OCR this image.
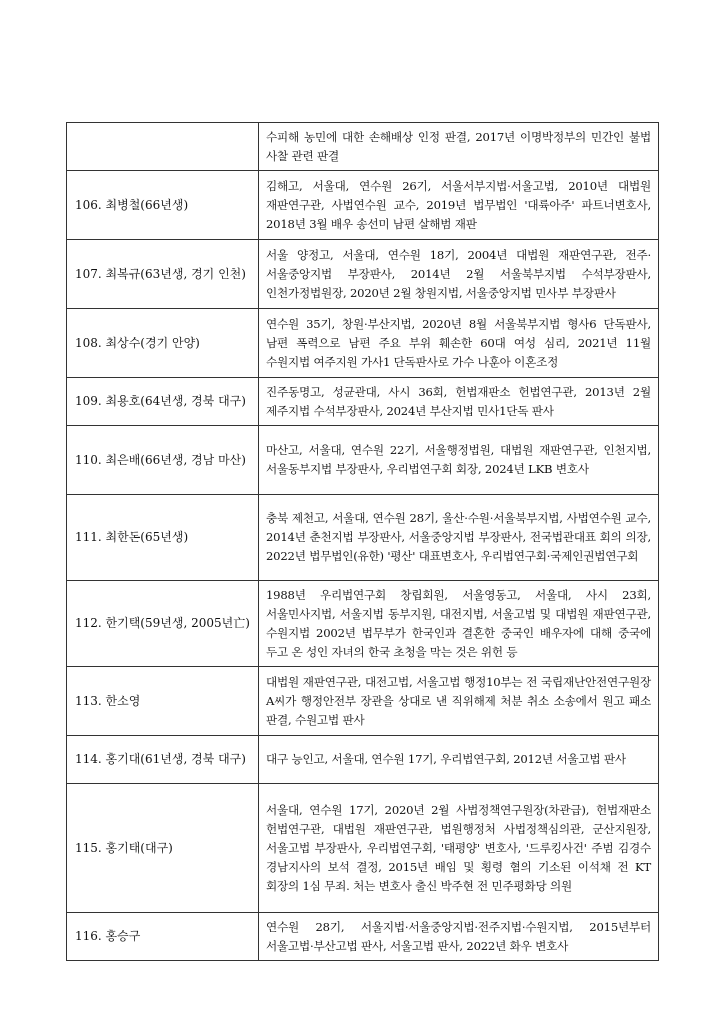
	수피해 농민에 대한 손해배상 인정 판결, 2017년 이명박정부의 민간인 불법 사찰 관련 판결
106. 최병철(66년생)	김해고, 서울대, 연수원 26기, 서울서부지법·서울고법, 2010년 대법원 재판연구관, 사법연수원 교수, 2019년 법무법인 '대륙아주' 파트너변호사, 2018년 3월 배우 송선미 남편 살해범 재판
107. 최복규(63년생, 경기 인천)	서울 양정고, 서울대, 연수원 18기, 2004년 대법원 재판연구관, 전주·서울중앙지법 부장판사, 2014년 2월 서울북부지법 수석부장판사, 인천가정법원장, 2020년 2월 창원지법, 서울중앙지법 민사부 부장판사
108. 최상수(경기 안양)	연수원 35기, 창원·부산지법, 2020년 8월 서울북부지법 형사6 단독판사, 남편 폭력으로 남편 주요 부위 훼손한 60대 여성 심리, 2021년 11월 수원지법 여주지원 가사1 단독판사로 가수 나훈아 이혼조정
109. 최용호(64년생, 경북 대구)	진주동명고, 성균관대, 사시 36회, 헌법재판소 헌법연구관, 2013년 2월 제주지법 수석부장판사, 2024년 부산지법 민사1단독 판사
110. 최은배(66년생, 경남 마산)	마산고, 서울대, 연수원 22기, 서울행정법원, 대법원 재판연구관, 인천지법, 서울동부지법 부장판사, 우리법연구회 회장, 2024년 LKB 변호사
111. 최한돈(65년생)	충북 제천고, 서울대, 연수원 28기, 울산·수원·서울북부지법, 사법연수원 교수, 2014년 춘천지법 부장판사, 서울중앙지법 부장판사, 전국법관대표 회의 의장, 2022년 법무법인(유한) '평산' 대표변호사, 우리법연구회·국제인권법연구회
112. 한기택(59년생, 2005년亡)	1988년 우리법연구회 창립회원, 서울영동고, 서울대, 사시 23회, 서울민사지법, 서울지법 동부지원, 대전지법, 서울고법 및 대법원 재판연구관, 수원지법 2002년 법무부가 한국인과 결혼한 중국인 배우자에 대해 중국에 두고 온 성인 자녀의 한국 초청을 막는 것은 위헌 등
113. 한소영	대법원 재판연구관, 대전고법, 서울고법 행정10부는 전 국립재난안전연구원장 A씨가 행정안전부 장관을 상대로 낸 직위해제 처분 취소 소송에서 원고 패소 판결, 수원고법 판사
114. 홍기대(61년생, 경북 대구)	대구 능인고, 서울대, 연수원 17기, 우리법연구회, 2012년 서울고법 판사
115. 홍기태(대구)	서울대, 연수원 17기, 2020년 2월 사법정책연구원장(차관급), 헌법재판소 헌법연구관, 대법원 재판연구관, 법원행정처 사법정책심의관, 군산지원장, 서울고법 부장판사, 우리법연구회, '태평양' 변호사, '드루킹사건' 주범 김경수 경남지사의 보석 결정, 2015년 배임 및 횡령 혐의 기소된 이석채 전 KT 회장의 1심 무죄. 처는 변호사 출신 박주현 전 민주평화당 의원
116. 홍승구	연수원 28기, 서울지법·서울중앙지법·전주지법·수원지법, 2015년부터 서울고법·부산고법 판사, 서울고법 판사, 2022년 화우 변호사
